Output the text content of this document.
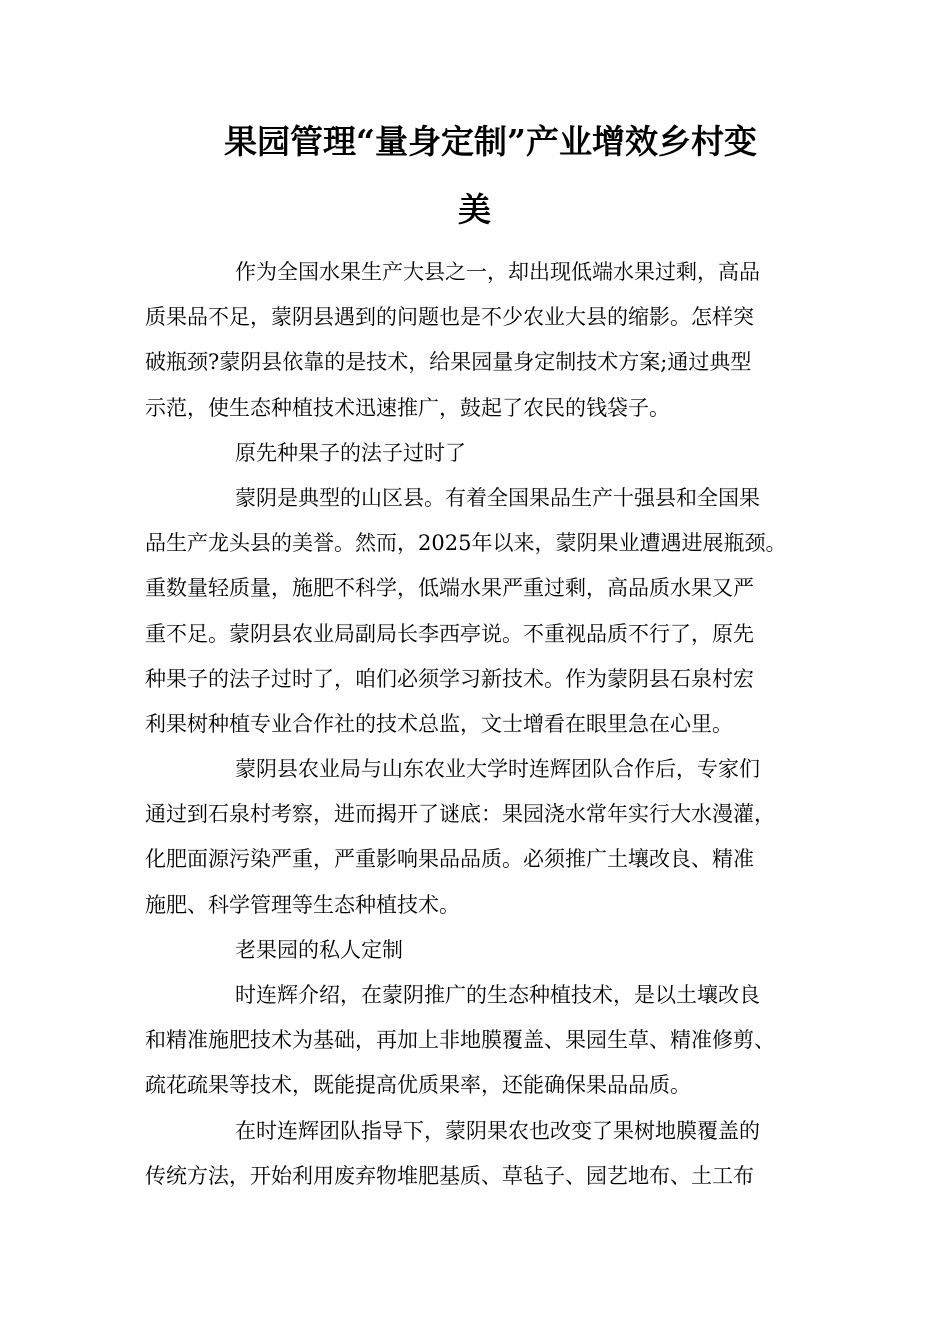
果园管理“量身定制”产业增效乡村变
美
作为全国水果生产大县之一，却出现低端水果过剩，高品
质果品不足，蒙阴县遇到的问题也是不少农业大县的缩影。怎样突
破瓶颈?蒙阴县依靠的是技术，给果园量身定制技术方案;通过典型
示范，使生态种植技术迅速推广，鼓起了农民的钱袋子。
原先种果子的法子过时了
蒙阴是典型的山区县。有着全国果品生产十强县和全国果
品生产龙头县的美誉。然而，2025年以来，蒙阴果业遭遇进展瓶颈。
重数量轻质量，施肥不科学，低端水果严重过剩，高品质水果又严
重不足。蒙阴县农业局副局长李西亭说。不重视品质不行了，原先
种果子的法子过时了，咱们必须学习新技术。作为蒙阴县石泉村宏
利果树种植专业合作社的技术总监，文士增看在眼里急在心里。
蒙阴县农业局与山东农业大学时连辉团队合作后，专家们
通过到石泉村考察，进而揭开了谜底：果园浇水常年实行大水漫灌，
化肥面源污染严重，严重影响果品品质。必须推广土壤改良、精准
施肥、科学管理等生态种植技术。
老果园的私人定制
时连辉介绍，在蒙阴推广的生态种植技术，是以土壤改良
和精准施肥技术为基础，再加上非地膜覆盖、果园生草、精准修剪、
疏花疏果等技术，既能提高优质果率，还能确保果品品质。
在时连辉团队指导下，蒙阴果农也改变了果树地膜覆盖的
传统方法，开始利用废弃物堆肥基质、草毡子、园艺地布、土工布
